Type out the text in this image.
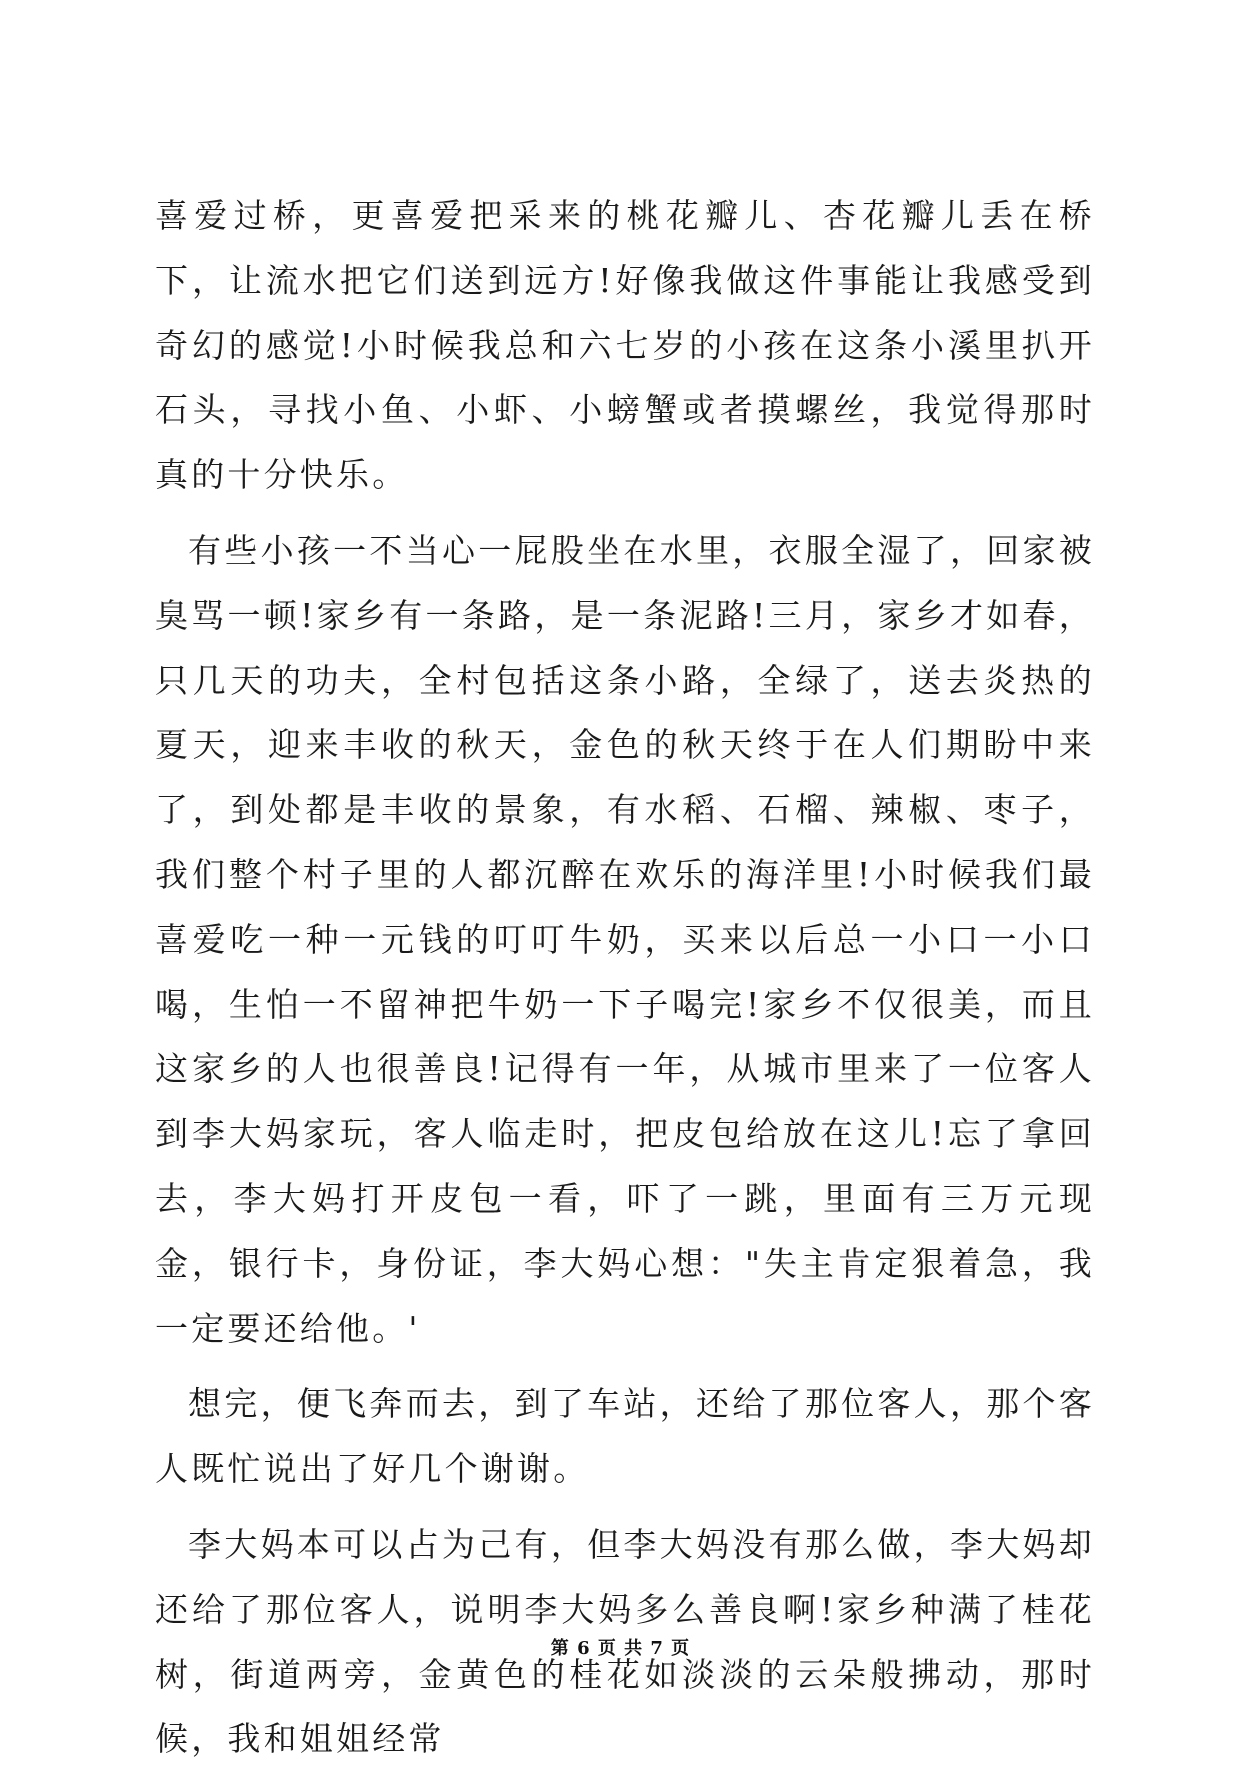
喜爱过桥，更喜爱把采来的桃花瓣儿、杏花瓣儿丢在桥下，让流水把它们送到远方!好像我做这件事能让我感受到奇幻的感觉!小时候我总和六七岁的小孩在这条小溪里扒开石头，寻找小鱼、小虾、小螃蟹或者摸螺丝，我觉得那时真的十分快乐。

有些小孩一不当心一屁股坐在水里，衣服全湿了，回家被臭骂一顿!家乡有一条路，是一条泥路!三月，家乡才如春，只几天的功夫，全村包括这条小路，全绿了，送去炎热的夏天，迎来丰收的秋天，金色的秋天终于在人们期盼中来了，到处都是丰收的景象，有水稻、石榴、辣椒、枣子，我们整个村子里的人都沉醉在欢乐的海洋里!小时候我们最喜爱吃一种一元钱的叮叮牛奶，买来以后总一小口一小口喝，生怕一不留神把牛奶一下子喝完!家乡不仅很美，而且这家乡的人也很善良!记得有一年，从城市里来了一位客人到李大妈家玩，客人临走时，把皮包给放在这儿!忘了拿回去，李大妈打开皮包一看，吓了一跳，里面有三万元现金，银行卡，身份证，李大妈心想："失主肯定狠着急，我一定要还给他。'

想完，便飞奔而去，到了车站，还给了那位客人，那个客人既忙说出了好几个谢谢。

李大妈本可以占为己有，但李大妈没有那么做，李大妈却还给了那位客人，说明李大妈多么善良啊!家乡种满了桂花树，街道两旁，金黄色的桂花如淡淡的云朵般拂动，那时候，我和姐姐经常

第 6 页 共 7 页
